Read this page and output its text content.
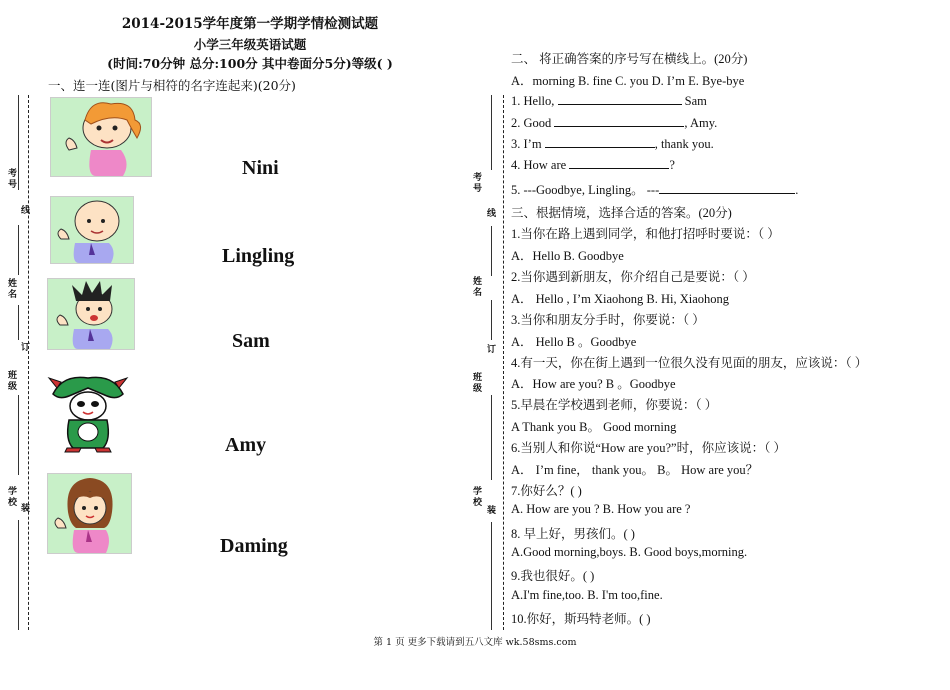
2014-2015学年度第一学期学情检测试题
小学三年级英语试题
(时间:70分钟 总分:100分 其中卷面分5分)等级( )
一、连一连(图片与相符的名字连起来)(20分)
考号
线
姓名
订
班级
学校
装
考号
线
姓名
订
班级
学校
装
Nini
Lingling
Sam
Amy
Daming
二、 将正确答案的序号写在横线上。(20分)
A．morning B. fine C. you D. I’m E. Bye-bye
1. Hello,	Sam
2. Good	, Amy.
3. I’m	, thank you.
4. How are	?
5. ---Goodbye, Lingling。 ---	.
三、根据情境，选择合适的答案。(20分)
1.当你在路上遇到同学，和他打招呼时要说：（ ）
A．Hello B. Goodbye
2.当你遇到新朋友，你介绍自己是要说：（ ）
A． Hello , I’m Xiaohong B. Hi, Xiaohong
3.当你和朋友分手时，你要说：（ ）
A． Hello B 。Goodbye
4.有一天，你在街上遇到一位很久没有见面的朋友，应该说：（ ）
A．How are you? B 。Goodbye
5.早晨在学校遇到老师，你要说：（ ）
A Thank you B。 Good morning
6.当别人和你说“How are you?”时，你应该说：（ ）
A． I’m fine， thank you。 B。 How are you？
7.你好么？( )
A. How are you ? B. How you are ?
8. 早上好，男孩们。( )
A.Good morning,boys. B. Good boys,morning.
9.我也很好。( )
A.I'm fine,too. B. I'm too,fine.
10.你好，斯玛特老师。( )
第 1 页 更多下载请到五八文库 wk.58sms.com
